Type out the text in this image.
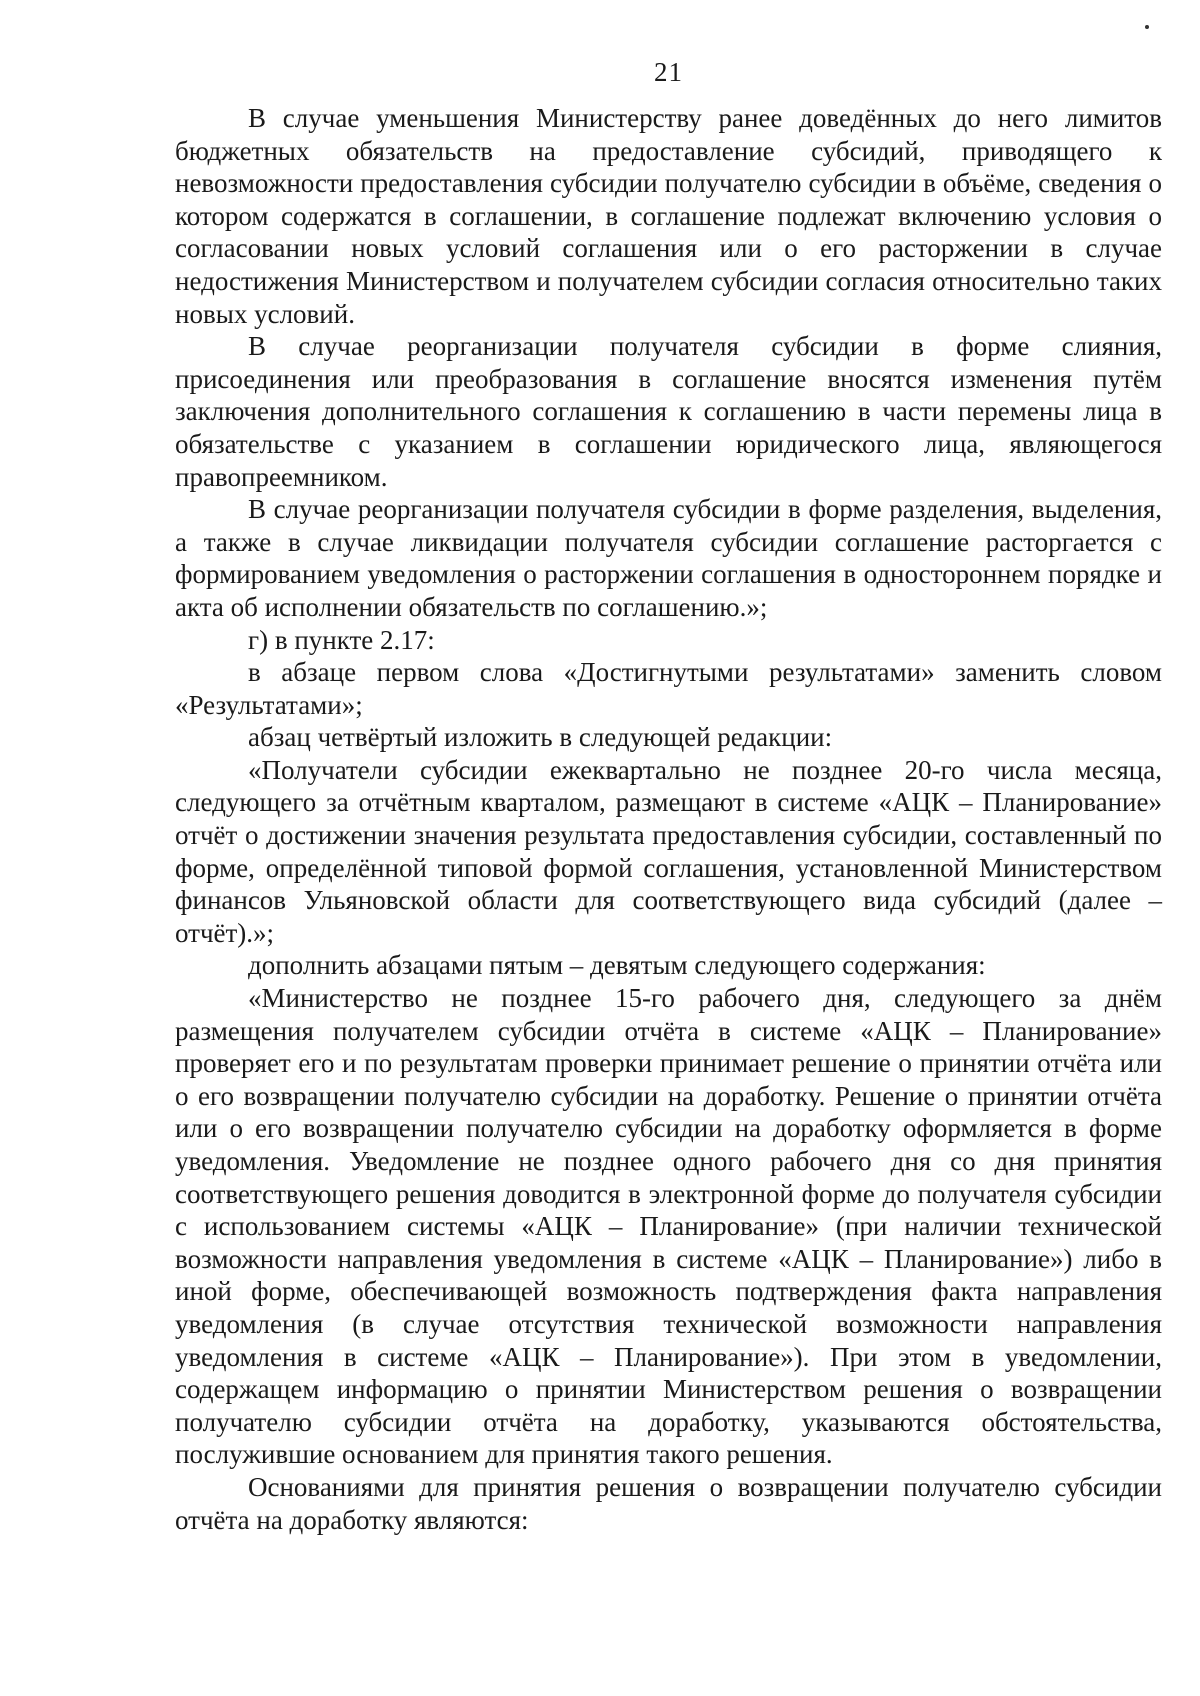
21

В случае уменьшения Министерству ранее доведённых до него лимитов бюджетных обязательств на предоставление субсидий, приводящего к невозможности предоставления субсидии получателю субсидии в объёме, сведения о котором содержатся в соглашении, в соглашение подлежат включению условия о согласовании новых условий соглашения или о его расторжении в случае недостижения Министерством и получателем субсидии согласия относительно таких новых условий.

В случае реорганизации получателя субсидии в форме слияния, присоединения или преобразования в соглашение вносятся изменения путём заключения дополнительного соглашения к соглашению в части перемены лица в обязательстве с указанием в соглашении юридического лица, являющегося правопреемником.

В случае реорганизации получателя субсидии в форме разделения, выделения, а также в случае ликвидации получателя субсидии соглашение расторгается с формированием уведомления о расторжении соглашения в одностороннем порядке и акта об исполнении обязательств по соглашению.»;

г) в пункте 2.17:

в абзаце первом слова «Достигнутыми результатами» заменить словом «Результатами»;

абзац четвёртый изложить в следующей редакции:

«Получатели субсидии ежеквартально не позднее 20-го числа месяца, следующего за отчётным кварталом, размещают в системе «АЦК – Планирование» отчёт о достижении значения результата предоставления субсидии, составленный по форме, определённой типовой формой соглашения, установленной Министерством финансов Ульяновской области для соответствующего вида субсидий (далее – отчёт).»;

дополнить абзацами пятым – девятым следующего содержания:

«Министерство не позднее 15-го рабочего дня, следующего за днём размещения получателем субсидии отчёта в системе «АЦК – Планирование» проверяет его и по результатам проверки принимает решение о принятии отчёта или о его возвращении получателю субсидии на доработку. Решение о принятии отчёта или о его возвращении получателю субсидии на доработку оформляется в форме уведомления. Уведомление не позднее одного рабочего дня со дня принятия соответствующего решения доводится в электронной форме до получателя субсидии с использованием системы «АЦК – Планирование» (при наличии технической возможности направления уведомления в системе «АЦК – Планирование») либо в иной форме, обеспечивающей возможность подтверждения факта направления уведомления (в случае отсутствия технической возможности направления уведомления в системе «АЦК – Планирование»). При этом в уведомлении, содержащем информацию о принятии Министерством решения о возвращении получателю субсидии отчёта на доработку, указываются обстоятельства, послужившие основанием для принятия такого решения.

Основаниями для принятия решения о возвращении получателю субсидии отчёта на доработку являются:
